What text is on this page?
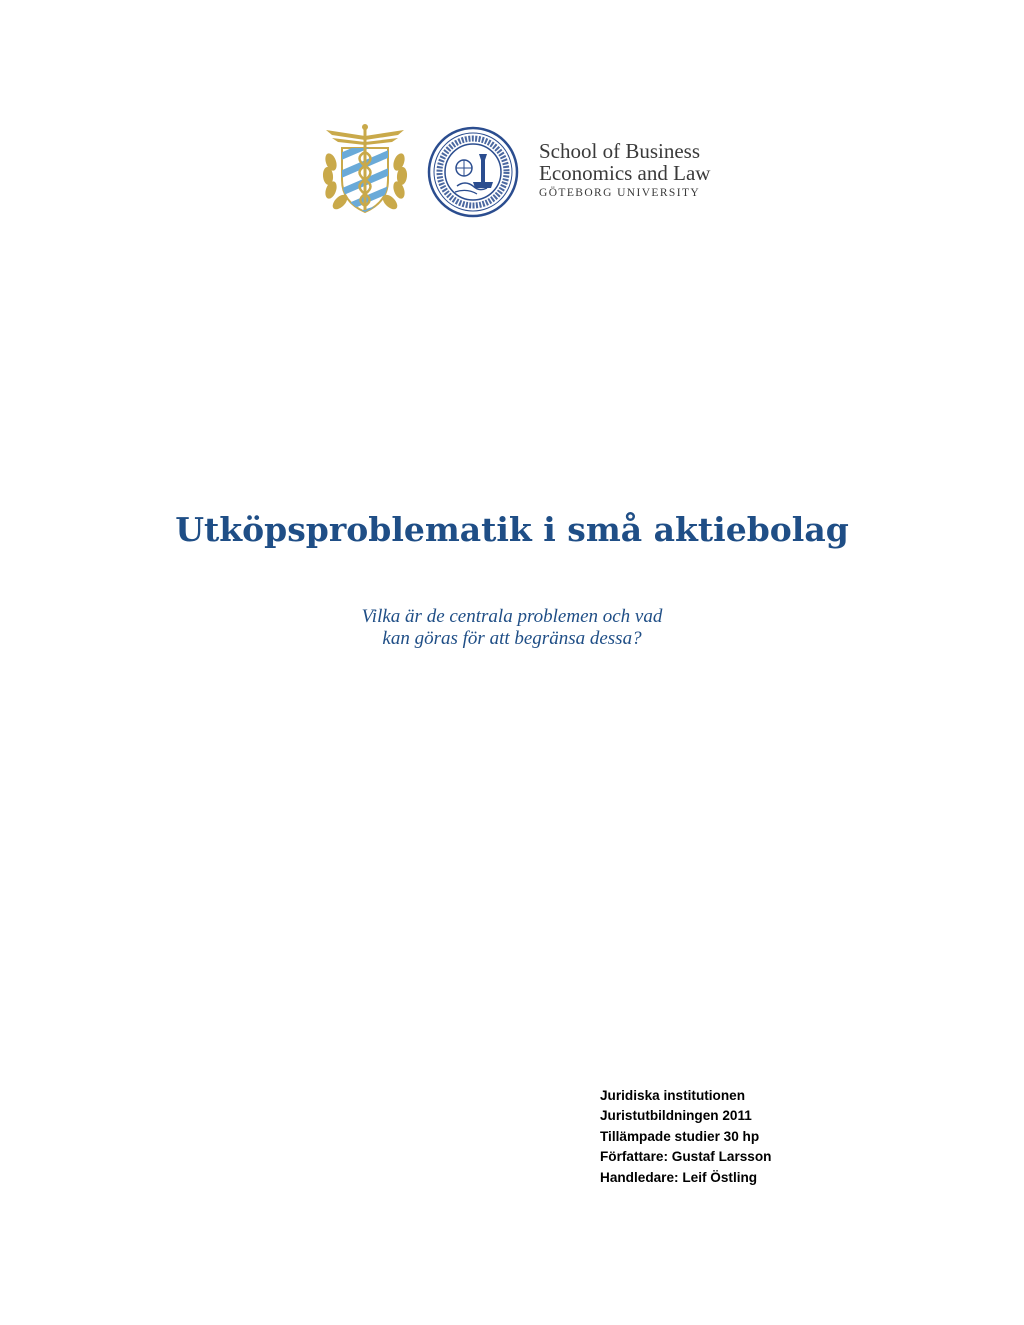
School of Business
Economics and Law
GÖTEBORG UNIVERSITY
Utköpsproblematik i små aktiebolag
Vilka är de centrala problemen och vad
kan göras för att begränsa dessa?
Juridiska institutionen
Juristutbildningen 2011
Tillämpade studier 30 hp
Författare: Gustaf Larsson
Handledare: Leif Östling
